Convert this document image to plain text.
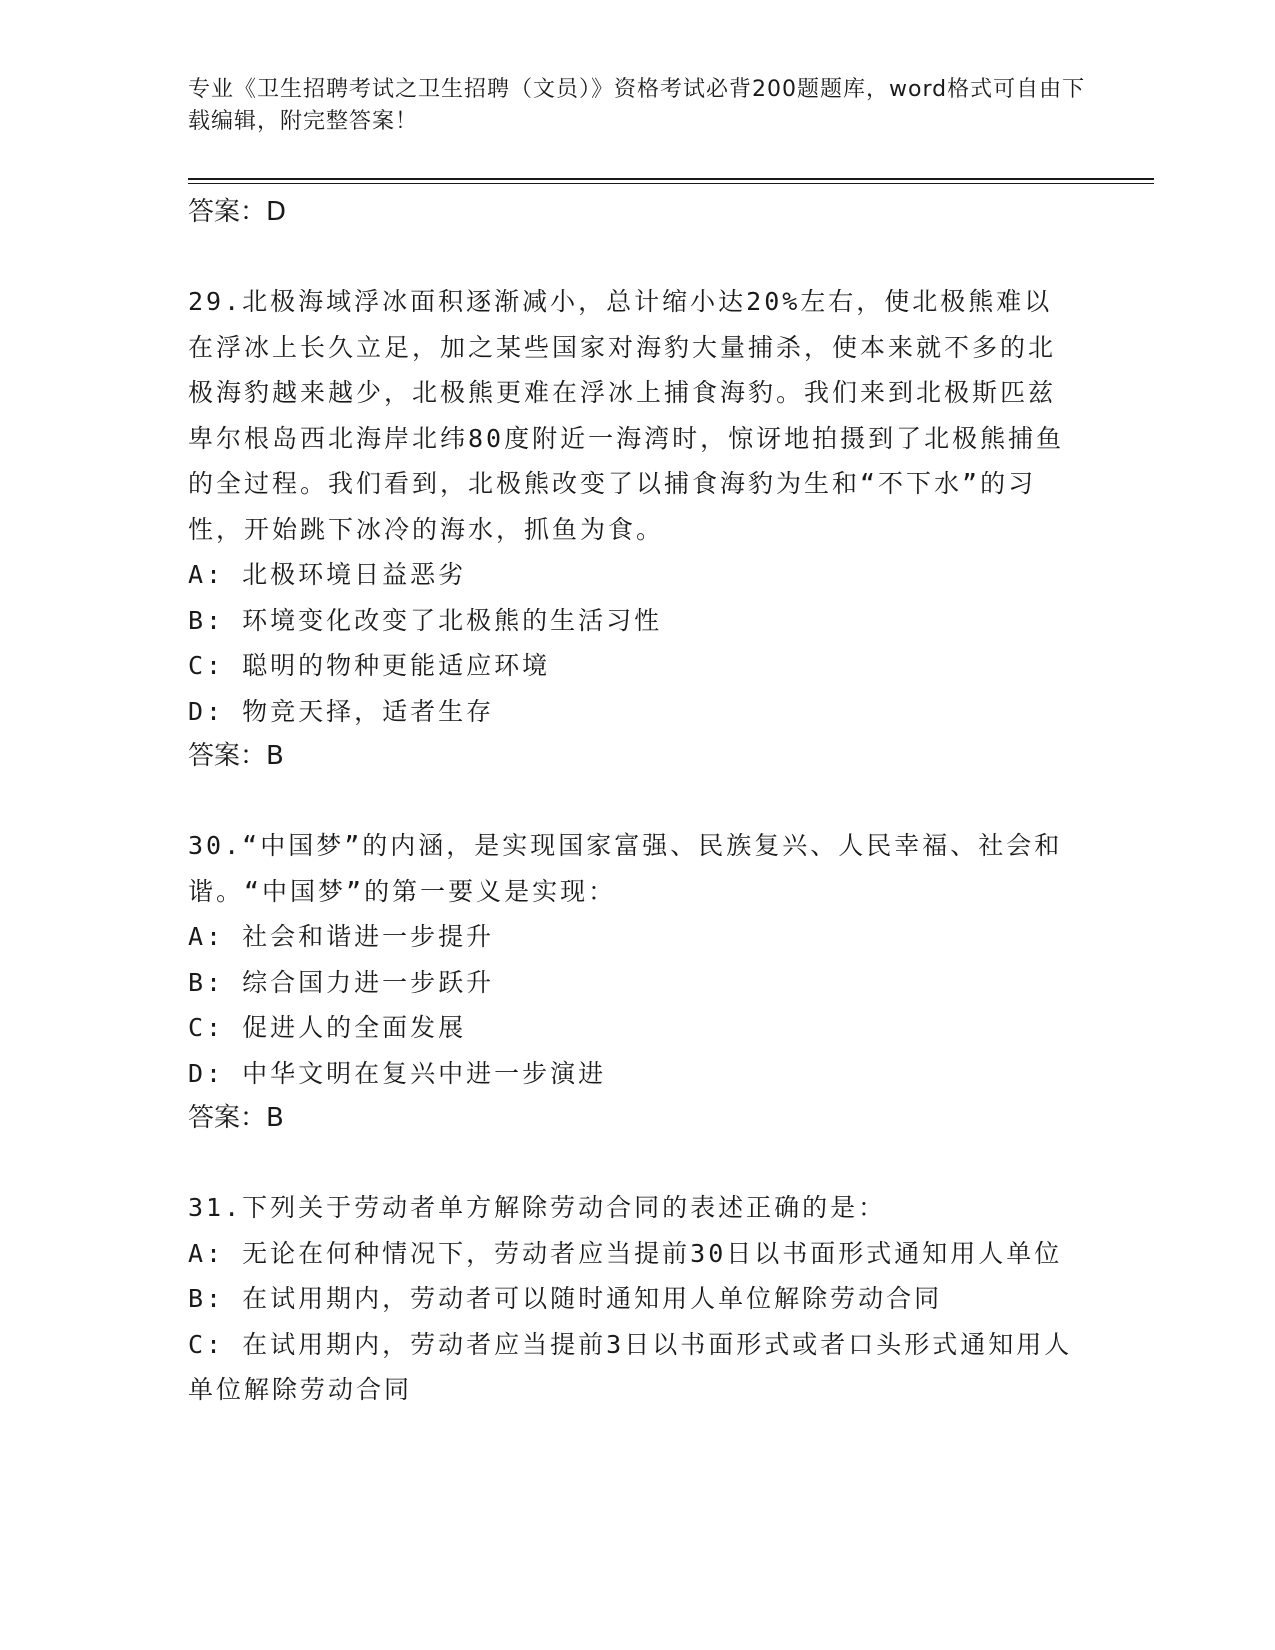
专业《卫生招聘考试之卫生招聘（文员）》资格考试必背200题题库，word格式可自由下载编辑，附完整答案！
答案：D
29.北极海域浮冰面积逐渐减小，总计缩小达20%左右，使北极熊难以在浮冰上长久立足，加之某些国家对海豹大量捕杀，使本来就不多的北极海豹越来越少，北极熊更难在浮冰上捕食海豹。我们来到北极斯匹兹卑尔根岛西北海岸北纬80度附近一海湾时，惊讶地拍摄到了北极熊捕鱼的全过程。我们看到，北极熊改变了以捕食海豹为生和“不下水”的习性，开始跳下冰冷的海水，抓鱼为食。
A: 北极环境日益恶劣
B: 环境变化改变了北极熊的生活习性
C: 聪明的物种更能适应环境
D: 物竞天择，适者生存
答案：B
30.“中国梦”的内涵，是实现国家富强、民族复兴、人民幸福、社会和谐。“中国梦”的第一要义是实现：
A: 社会和谐进一步提升
B: 综合国力进一步跃升
C: 促进人的全面发展
D: 中华文明在复兴中进一步演进
答案：B
31.下列关于劳动者单方解除劳动合同的表述正确的是：
A: 无论在何种情况下，劳动者应当提前30日以书面形式通知用人单位
B: 在试用期内，劳动者可以随时通知用人单位解除劳动合同
C: 在试用期内，劳动者应当提前3日以书面形式或者口头形式通知用人单位解除劳动合同
